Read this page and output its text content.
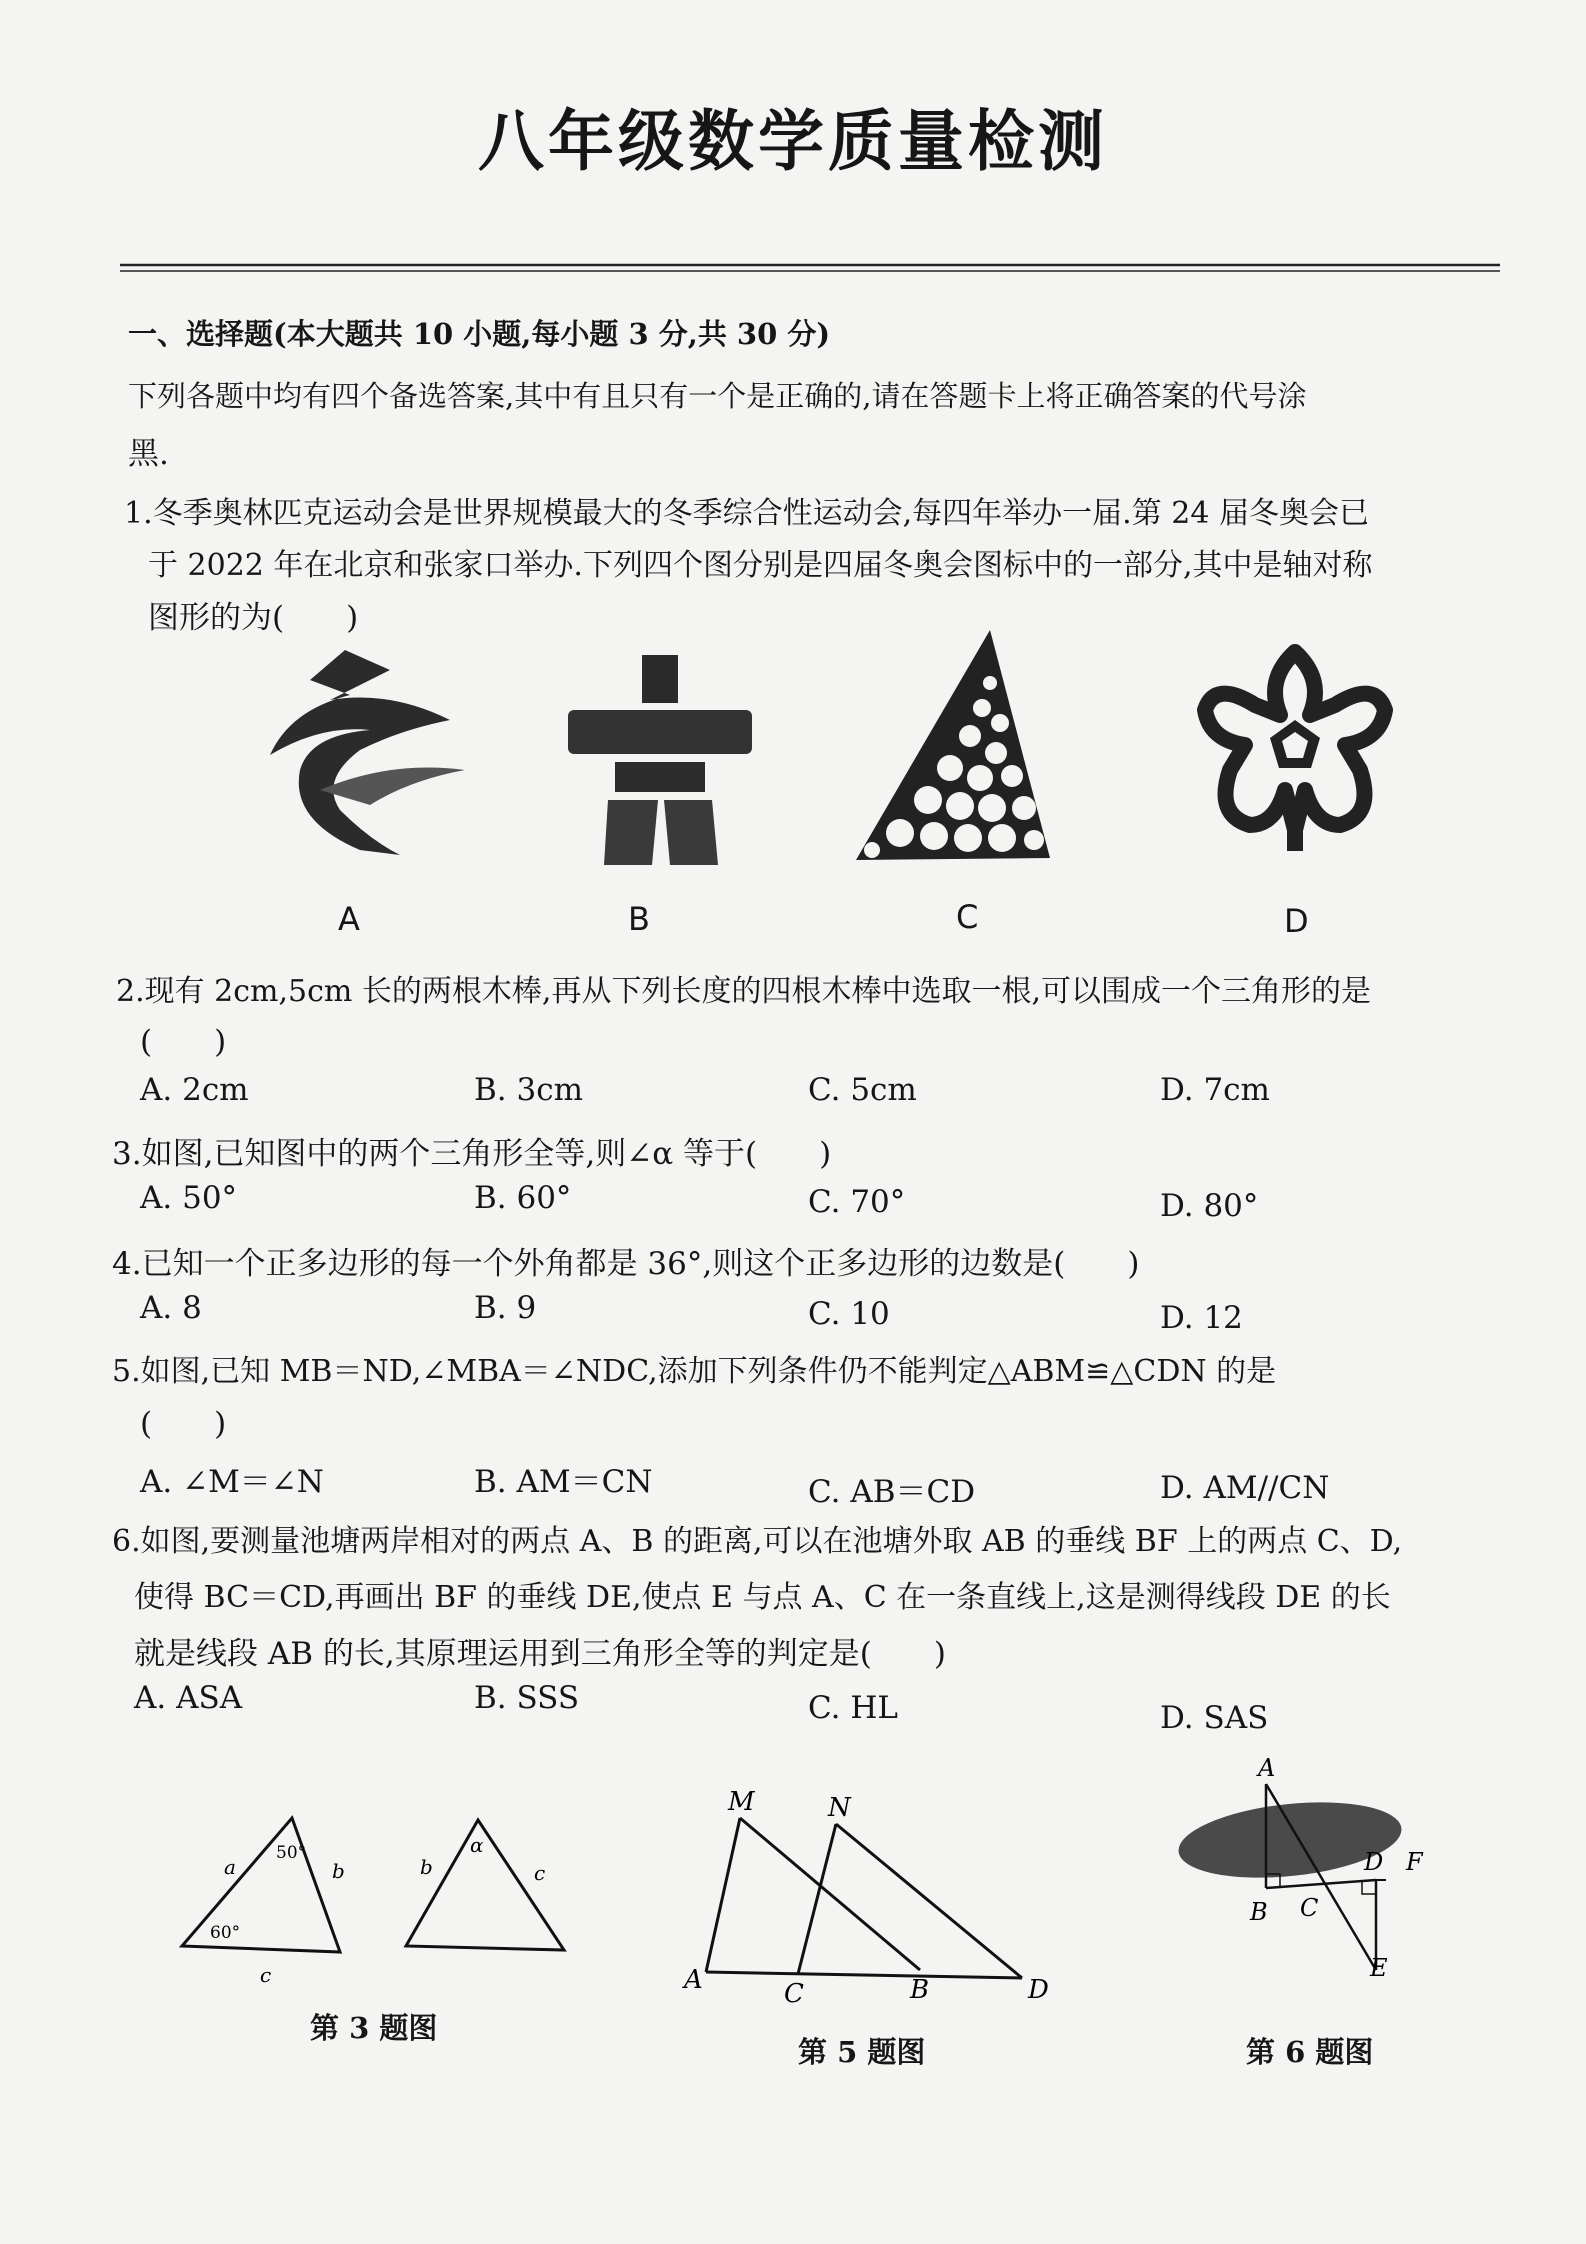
八年级数学质量检测
一、选择题(本大题共 10 小题,每小题 3 分,共 30 分)
下列各题中均有四个备选答案,其中有且只有一个是正确的,请在答题卡上将正确答案的代号涂
黑.
1.冬季奥林匹克运动会是世界规模最大的冬季综合性运动会,每四年举办一届.第 24 届冬奥会已
于 2022 年在北京和张家口举办.下列四个图分别是四届冬奥会图标中的一部分,其中是轴对称
图形的为(　　)
A	B	C	D
2.现有 2cm,5cm 长的两根木棒,再从下列长度的四根木棒中选取一根,可以围成一个三角形的是
(　　)
A. 2cm	B. 3cm	C. 5cm	D. 7cm
3.如图,已知图中的两个三角形全等,则∠α 等于(　　)
A. 50°	B. 60°	C. 70°	D. 80°
4.已知一个正多边形的每一个外角都是 36°,则这个正多边形的边数是(　　)
A. 8	B. 9	C. 10	D. 12
5.如图,已知 MB＝ND,∠MBA＝∠NDC,添加下列条件仍不能判定△ABM≌△CDN 的是
(　　)
A. ∠M＝∠N	B. AM＝CN	C. AB＝CD	D. AM//CN
6.如图,要测量池塘两岸相对的两点 A、B 的距离,可以在池塘外取 AB 的垂线 BF 上的两点 C、D,
使得 BC＝CD,再画出 BF 的垂线 DE,使点 E 与点 A、C 在一条直线上,这是测得线段 DE 的长
就是线段 AB 的长,其原理运用到三角形全等的判定是(　　)
A. ASA	B. SSS	C. HL	D. SAS
a	b
c
50°
60°
b	c
α
第 3 题图
M	N
A	C	B	D
第 5 题图
A
B C
D F
E
第 6 题图
